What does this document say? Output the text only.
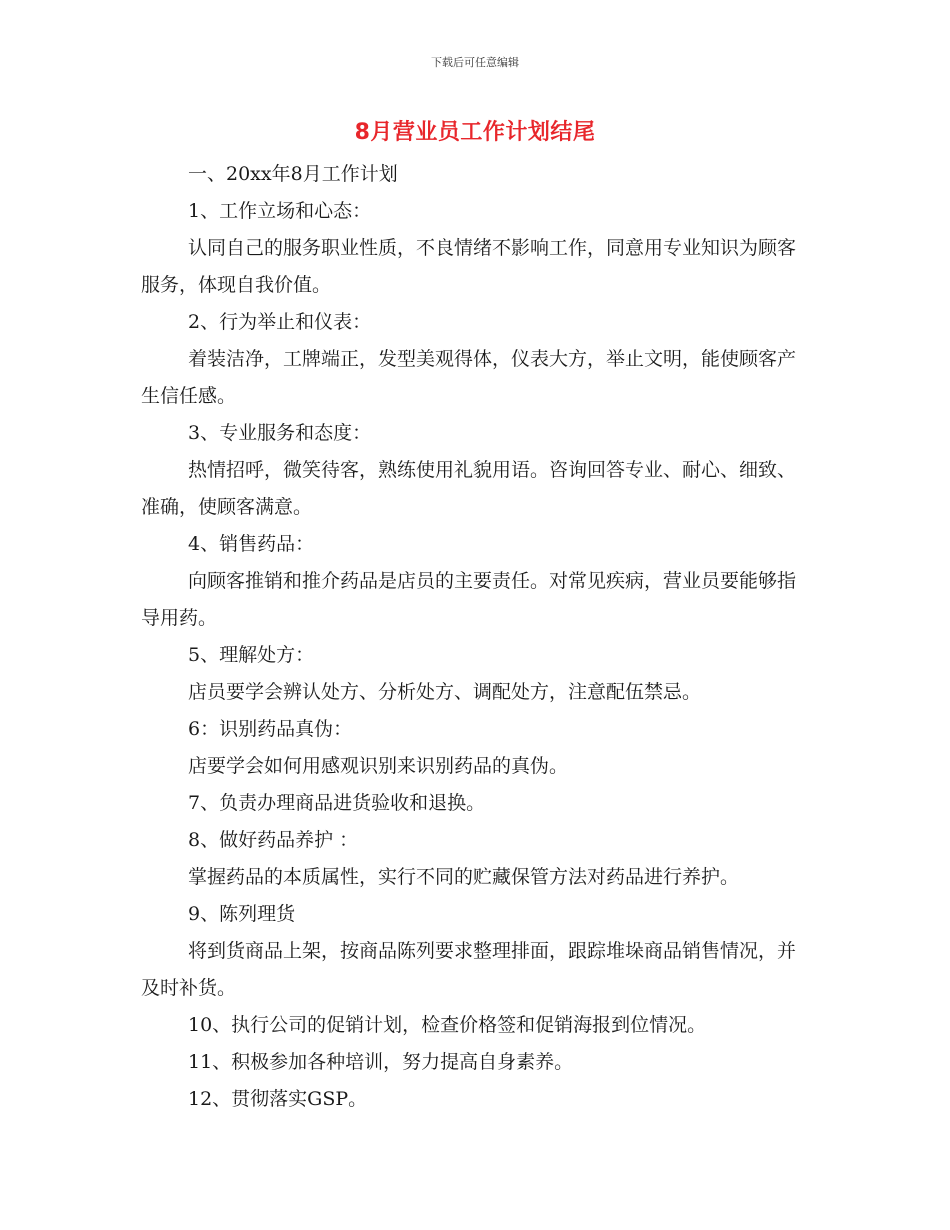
下载后可任意编辑
8月营业员工作计划结尾

一、20xx年8月工作计划

1、工作立场和心态：

认同自己的服务职业性质，不良情绪不影响工作，同意用专业知识为顾客服务，体现自我价值。

2、行为举止和仪表：

着装洁净，工牌端正，发型美观得体，仪表大方，举止文明，能使顾客产生信任感。

3、专业服务和态度：

热情招呼，微笑待客，熟练使用礼貌用语。咨询回答专业、耐心、细致、准确，使顾客满意。

4、销售药品：

向顾客推销和推介药品是店员的主要责任。对常见疾病，营业员要能够指导用药。

5、理解处方：

店员要学会辨认处方、分析处方、调配处方，注意配伍禁忌。

6：识别药品真伪：

店要学会如何用感观识别来识别药品的真伪。

7、负责办理商品进货验收和退换。

8、做好药品养护 ：

掌握药品的本质属性，实行不同的贮藏保管方法对药品进行养护。

9、陈列理货

将到货商品上架，按商品陈列要求整理排面，跟踪堆垛商品销售情况，并及时补货。

10、执行公司的促销计划，检查价格签和促销海报到位情况。

11、积极参加各种培训，努力提高自身素养。

12、贯彻落实GSP。
